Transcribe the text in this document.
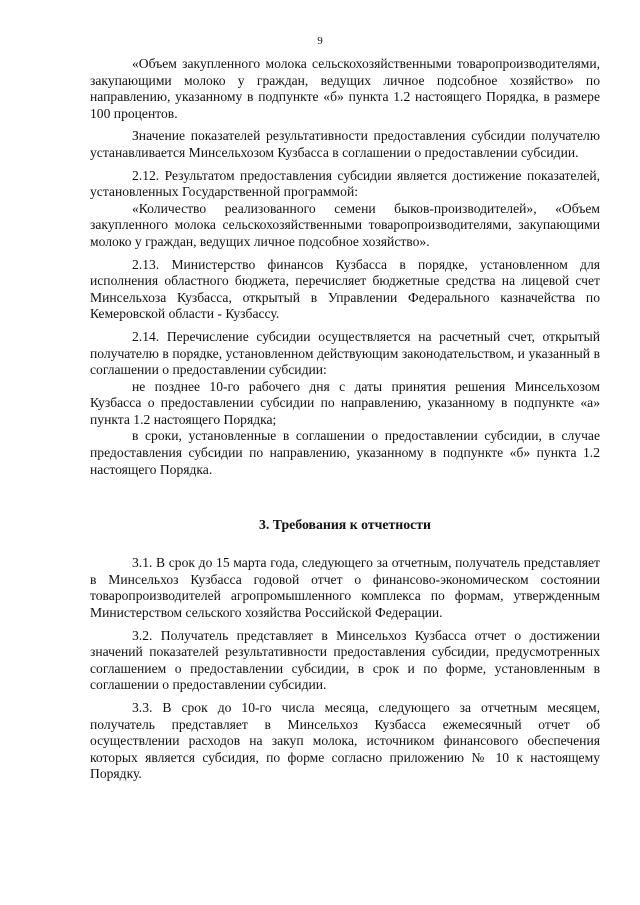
9

«Объем закупленного молока сельскохозяйственными товаропроизводителями, закупающими молоко у граждан, ведущих личное подсобное хозяйство» по направлению, указанному в подпункте «б» пункта 1.2 настоящего Порядка, в размере 100 процентов.

Значение показателей результативности предоставления субсидии получателю устанавливается Минсельхозом Кузбасса в соглашении о предоставлении субсидии.

2.12. Результатом предоставления субсидии является достижение показателей, установленных Государственной программой:

«Количество реализованного семени быков-производителей», «Объем закупленного молока сельскохозяйственными товаропроизводителями, закупающими молоко у граждан, ведущих личное подсобное хозяйство».

2.13. Министерство финансов Кузбасса в порядке, установленном для исполнения областного бюджета, перечисляет бюджетные средства на лицевой счет Минсельхоза Кузбасса, открытый в Управлении Федерального казначейства по Кемеровской области - Кузбассу.

2.14. Перечисление субсидии осуществляется на расчетный счет, открытый получателю в порядке, установленном действующим законодательством, и указанный в соглашении о предоставлении субсидии:

не позднее 10-го рабочего дня с даты принятия решения Минсельхозом Кузбасса о предоставлении субсидии по направлению, указанному в подпункте «а» пункта 1.2 настоящего Порядка;

в сроки, установленные в соглашении о предоставлении субсидии, в случае предоставления субсидии по направлению, указанному в подпункте «б» пункта 1.2 настоящего Порядка.

3. Требования к отчетности

3.1. В срок до 15 марта года, следующего за отчетным, получатель представляет в Минсельхоз Кузбасса годовой отчет о финансово-экономическом состоянии товаропроизводителей агропромышленного комплекса по формам, утвержденным Министерством сельского хозяйства Российской Федерации.

3.2. Получатель представляет в Минсельхоз Кузбасса отчет о достижении значений показателей результативности предоставления субсидии, предусмотренных соглашением о предоставлении субсидии, в срок и по форме, установленным в соглашении о предоставлении субсидии.

3.3. В срок до 10-го числа месяца, следующего за отчетным месяцем, получатель представляет в Минсельхоз Кузбасса ежемесячный отчет об осуществлении расходов на закуп молока, источником финансового обеспечения которых является субсидия, по форме согласно приложению № 10 к настоящему Порядку.
